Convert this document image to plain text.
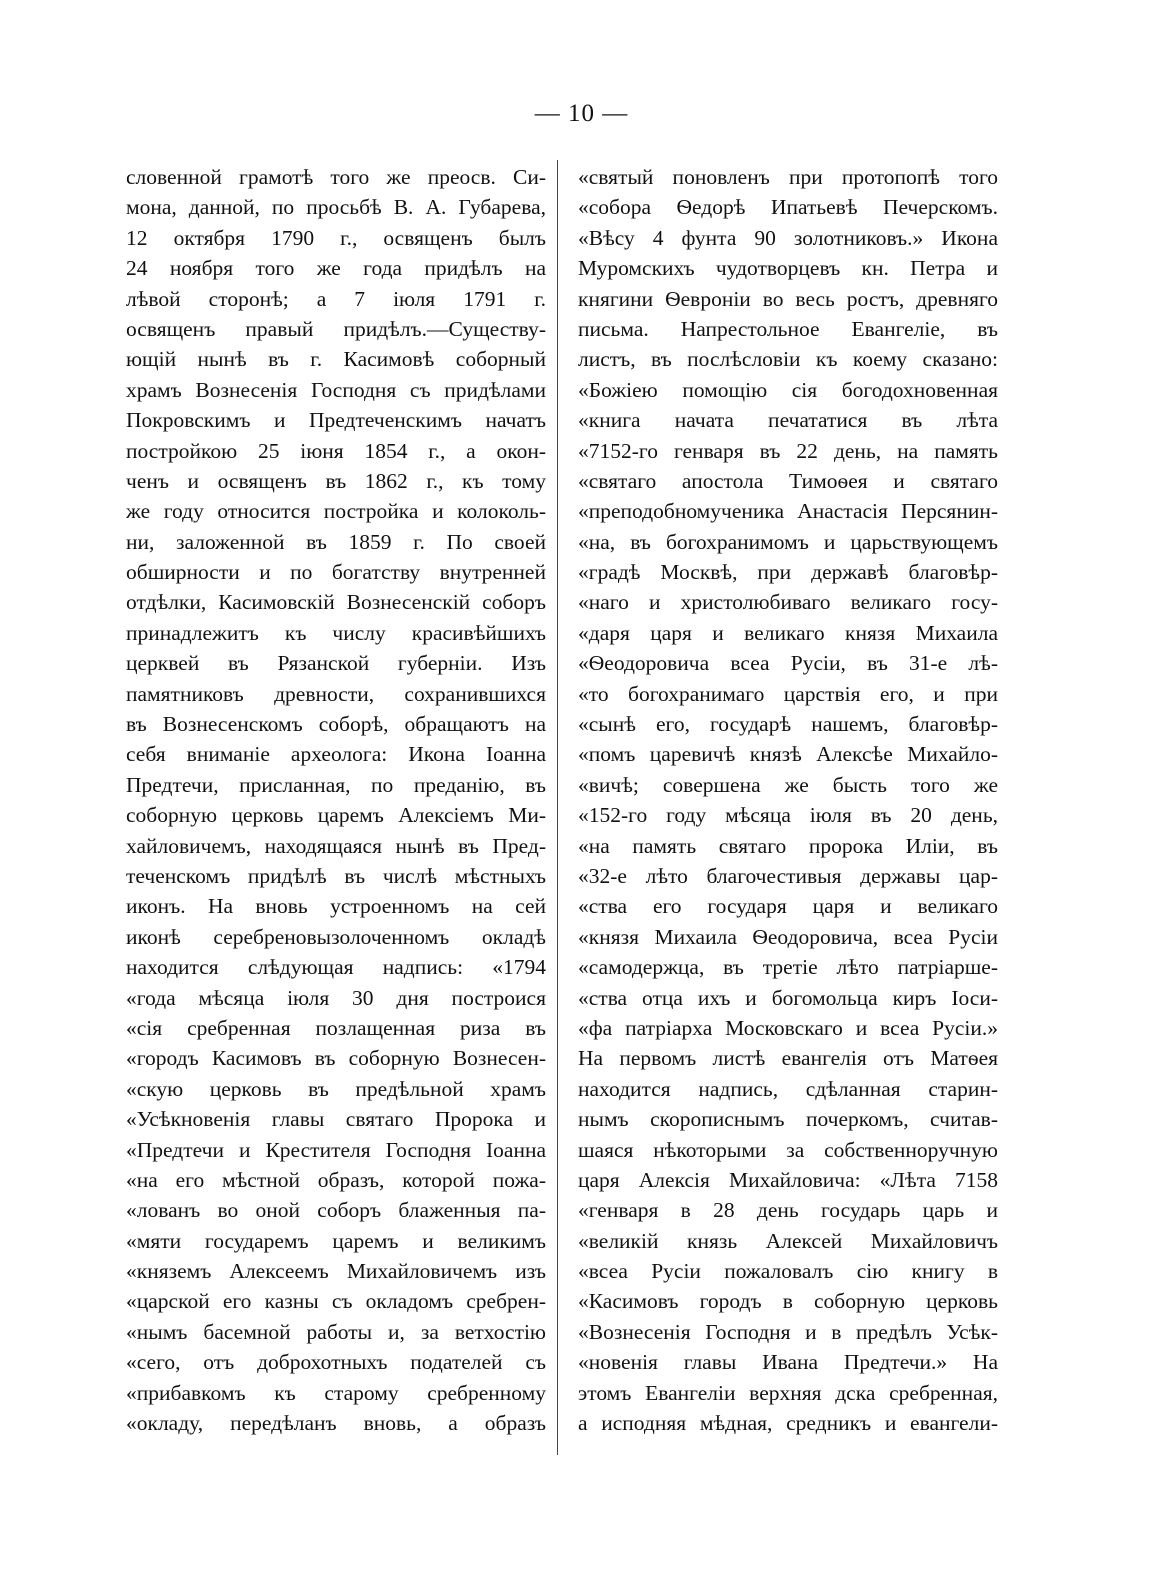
— 10 —
словенной грамотѣ того же преосв. Си-
мона, данной, по просьбѣ В. А. Губарева,
12 октября 1790 г., освященъ былъ
24 ноября того же года придѣлъ на
лѣвой сторонѣ; а 7 іюля 1791 г.
освященъ правый придѣлъ.—Существу-
ющій нынѣ въ г. Касимовѣ соборный
храмъ Вознесенія Господня съ придѣлами
Покровскимъ и Предтеченскимъ начатъ
постройкою 25 іюня 1854 г., а окон-
ченъ и освященъ въ 1862 г., къ тому
же году относится постройка и колоколь-
ни, заложенной въ 1859 г. По своей
обширности и по богатству внутренней
отдѣлки, Касимовскій Вознесенскій соборъ
принадлежитъ къ числу красивѣйшихъ
церквей въ Рязанской губерніи. Изъ
памятниковъ древности, сохранившихся
въ Вознесенскомъ соборѣ, обращаютъ на
себя вниманіе археолога: Икона Іоанна
Предтечи, присланная, по преданію, въ
соборную церковь царемъ Алексіемъ Ми-
хайловичемъ, находящаяся нынѣ въ Пред-
теченскомъ придѣлѣ въ числѣ мѣстныхъ
иконъ. На вновь устроенномъ на сей
иконѣ серебреновызолоченномъ окладѣ
находится слѣдующая надпись: «1794
«года мѣсяца іюля 30 дня построися
«сія сребренная позлащенная риза въ
«городъ Касимовъ въ соборную Вознесен-
«скую церковь въ предѣльной храмъ
«Усѣкновенія главы святаго Пророка и
«Предтечи и Крестителя Господня Іоанна
«на его мѣстной образъ, которой пожа-
«лованъ во оной соборъ блаженныя па-
«мяти государемъ царемъ и великимъ
«княземъ Алексеемъ Михайловичемъ изъ
«царской его казны съ окладомъ сребрен-
«нымъ басемной работы и, за ветхостію
«сего, отъ доброхотныхъ подателей съ
«прибавкомъ къ старому сребренному
«окладу, передѣланъ вновь, а образъ
«святый поновленъ при протопопѣ того
«собора Ѳедорѣ Ипатьевѣ Печерскомъ.
«Вѣсу 4 фунта 90 золотниковъ.» Икона
Муромскихъ чудотворцевъ кн. Петра и
княгини Ѳевроніи во весь ростъ, древняго
письма. Напрестольное Евангеліе, въ
листъ, въ послѣсловіи къ коему сказано:
«Божіею помощію сія богодохновенная
«книга начата печататися въ лѣта
«7152-го генваря въ 22 день, на память
«святаго апостола Тимоѳея и святаго
«преподобномученика Анастасія Персянин-
«на, въ богохранимомъ и царьствующемъ
«градѣ Москвѣ, при державѣ благовѣр-
«наго и христолюбиваго великаго госу-
«даря царя и великаго князя Михаила
«Ѳеодоровича всеа Русіи, въ 31-е лѣ-
«то богохранимаго царствія его, и при
«сынѣ его, государѣ нашемъ, благовѣр-
«помъ царевичѣ князѣ Алексѣе Михайло-
«вичѣ; совершена же бысть того же
«152-го году мѣсяца іюля въ 20 день,
«на память святаго пророка Иліи, въ
«32-е лѣто благочестивыя державы цар-
«ства его государя царя и великаго
«князя Михаила Ѳеодоровича, всеа Русіи
«самодержца, въ третіе лѣто патріарше-
«ства отца ихъ и богомольца киръ Іоси-
«фа патріарха Московскаго и всеа Русіи.»
На первомъ листѣ евангелія отъ Матѳея
находится надпись, сдѣланная старин-
нымъ скорописнымъ почеркомъ, считав-
шаяся нѣкоторыми за собственноручную
царя Алексія Михайловича: «Лѣта 7158
«генваря в 28 день государь царь и
«великій князь Алексей Михайловичъ
«всеа Русіи пожаловалъ сію книгу в
«Касимовъ городъ в соборную церковь
«Вознесенія Господня и в предѣлъ Усѣк-
«новенія главы Ивана Предтечи.» На
этомъ Евангеліи верхняя дска сребренная,
а исподняя мѣдная, средникъ и евангели-
